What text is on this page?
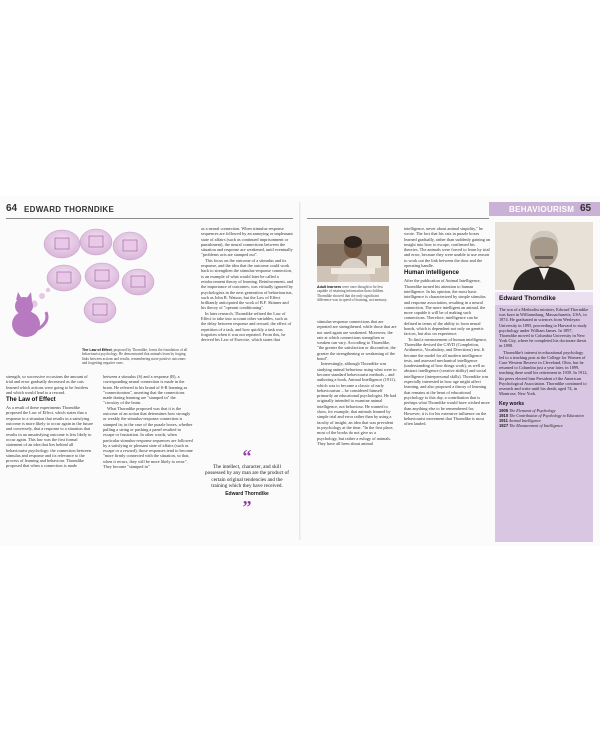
64 EDWARD THORNDIKE
The Law of Effect, proposed by Thorndike, forms the foundation of all behaviourist psychology. He demonstrated that animals learn by forging links between actions and results, remembering more positive outcomes and forgetting negative ones.

strength, so successive occasions the amount of trial and error gradually decreased as the cats learned which actions were going to be fruitless and which would lead to a reward.

The Law of Effect

As a result of these experiments Thorndike proposed the Law of Effect, which states that a response to a situation that results in a satisfying outcome is more likely to occur again in the future and conversely, that a response to a situation that results in an unsatisfying outcome is less likely to occur again. This law was the first formal statement of an idea that lies behind all behaviourist psychology: the connection between stimulus and response and its relevance to the process of learning and behaviour. Thorndike proposed that when a connection is made

between a stimulus (S) and a response (R), a corresponding neural connection is made in the brain. He referred to his brand of S-R learning as "connectionism", asserting that the connections made during learning are "stamped in" the "circuitry of the brain.

What Thorndike proposed was that it is the outcome of an action that determines how strongly or weakly the stimulus-response connection is stamped in; in the case of the puzzle boxes, whether pulling a string or pushing a panel resulted in escape or frustration. In other words, when particular stimulus-response sequences are followed by a satisfying or pleasant state of affairs (such as escape or a reward), those responses tend to become "more firmly connected with the situation, so that, when it recurs, they will be more likely to recur". They become "stamped in"

as a neural connection. When stimulus-response sequences are followed by an annoying or unpleasant state of affairs (such as continued imprisonment or punishment), the neural connections between the situation and response are weakened, until eventually "problems acts are stamped out".

This focus on the outcome of a stimulus and its response, and the idea that the outcome could work back to strengthen the stimulus-response connection, is an example of what would later be called a reinforcement theory of learning. Reinforcement, and the importance of outcomes, was virtually ignored by psychologists in the next generation of behaviourists, such as John B. Watson, but the Law of Effect brilliantly anticipated the work of B.F. Skinner and his theory of "operant conditioning".

In later research, Thorndike refined the Law of Effect to take into account other variables, such as the delay between response and reward, the effect of repetition of a task, and how quickly a task was forgotten when it was not repeated. From this, he derived his Law of Exercise, which states that

“
The intellect, character, and skill possessed by any man are the product of certain original tendencies and the training which they have received.
Edward Thorndike
”
BEHAVIOURISM 65
Adult learners were once thought to be less capable of retaining information than children. Thorndike showed that the only significant difference was in speed of learning, not memory.

stimulus-response connections that are repeated are strengthened, while those that are not used again are weakened. Moreover, the rate at which connections strengthen or weaken can vary. According to Thorndike, "the greater the satisfaction or discomfort, the greater the strengthening or weakening of the bond".

Interestingly, although Thorndike was studying animal behaviour using what were to become standard behaviourist methods – and authoring a book, Animal Intelligence (1911), which was to become a classic of early behaviourism – he considered himself primarily an educational psychologist. He had originally intended to examine animal intelligence, not behaviour. He wanted to show, for example, that animals learned by simple trial and error rather than by using a faculty of insight, an idea that was prevalent in psychology at the time. "In the first place, most of the books do not give us a psychology, but rather a eulogy of animals. They have all been about animal

intelligence, never about animal stupidity," he wrote. The fact that his cats in puzzle boxes learned gradually, rather than suddenly gaining an insight into how to escape, confirmed his theories. The animals were forced to learn by trial and error, because they were unable to use reason to work out the link between the door and the operating handle.

Human intelligence

After the publication of Animal Intelligence, Thorndike turned his attention to human intelligence. In his opinion, the most basic intelligence is characterized by simple stimulus and response association, resulting in a neural connection. The more intelligent an animal, the more capable it will be of making such connections. Therefore, intelligence can be defined in terms of the ability to form neural bonds, which is dependent not only on genetic factors, but also on experience.

To find a measurement of human intelligence, Thorndike devised the CAVD (Completion, Arithmetic, Vocabulary, and Directions) test. It became the model for all modern intelligence tests, and assessed mechanical intelligence (understanding of how things work), as well as abstract intelligence (creative ability) and social intelligence (interpersonal skills). Thorndike was especially interested in how age might affect learning, and also proposed a theory of learning that remains at the heart of educational psychology to this day, a contribution that is perhaps what Thorndike would have wished more than anything else to be remembered for. However, it is for his extensive influence on the behaviourist movement that Thorndike is most often lauded.

Edward Thorndike

The son of a Methodist minister, Edward Thorndike was born in Williamsburg, Massachusetts, USA, in 1874. He graduated in sciences from Wesleyan University in 1895, proceeding to Harvard to study psychology under William James. In 1897, Thorndike moved to Columbia University in New York City, where he completed his doctorate thesis in 1898.

Thorndike's interest in educational psychology led to a teaching post at the College for Women of Case Western Reserve in Cleveland, Ohio, but he returned to Columbia just a year later, in 1899, teaching there until his retirement in 1939. In 1912, his peers elected him President of the American Psychological Association. Thorndike continued to research and write until his death, aged 74, in Montrose, New York.

Key works
1905 The Elements of Psychology
1910 The Contribution of Psychology to Education
1911 Animal Intelligence
1927 The Measurement of Intelligence
